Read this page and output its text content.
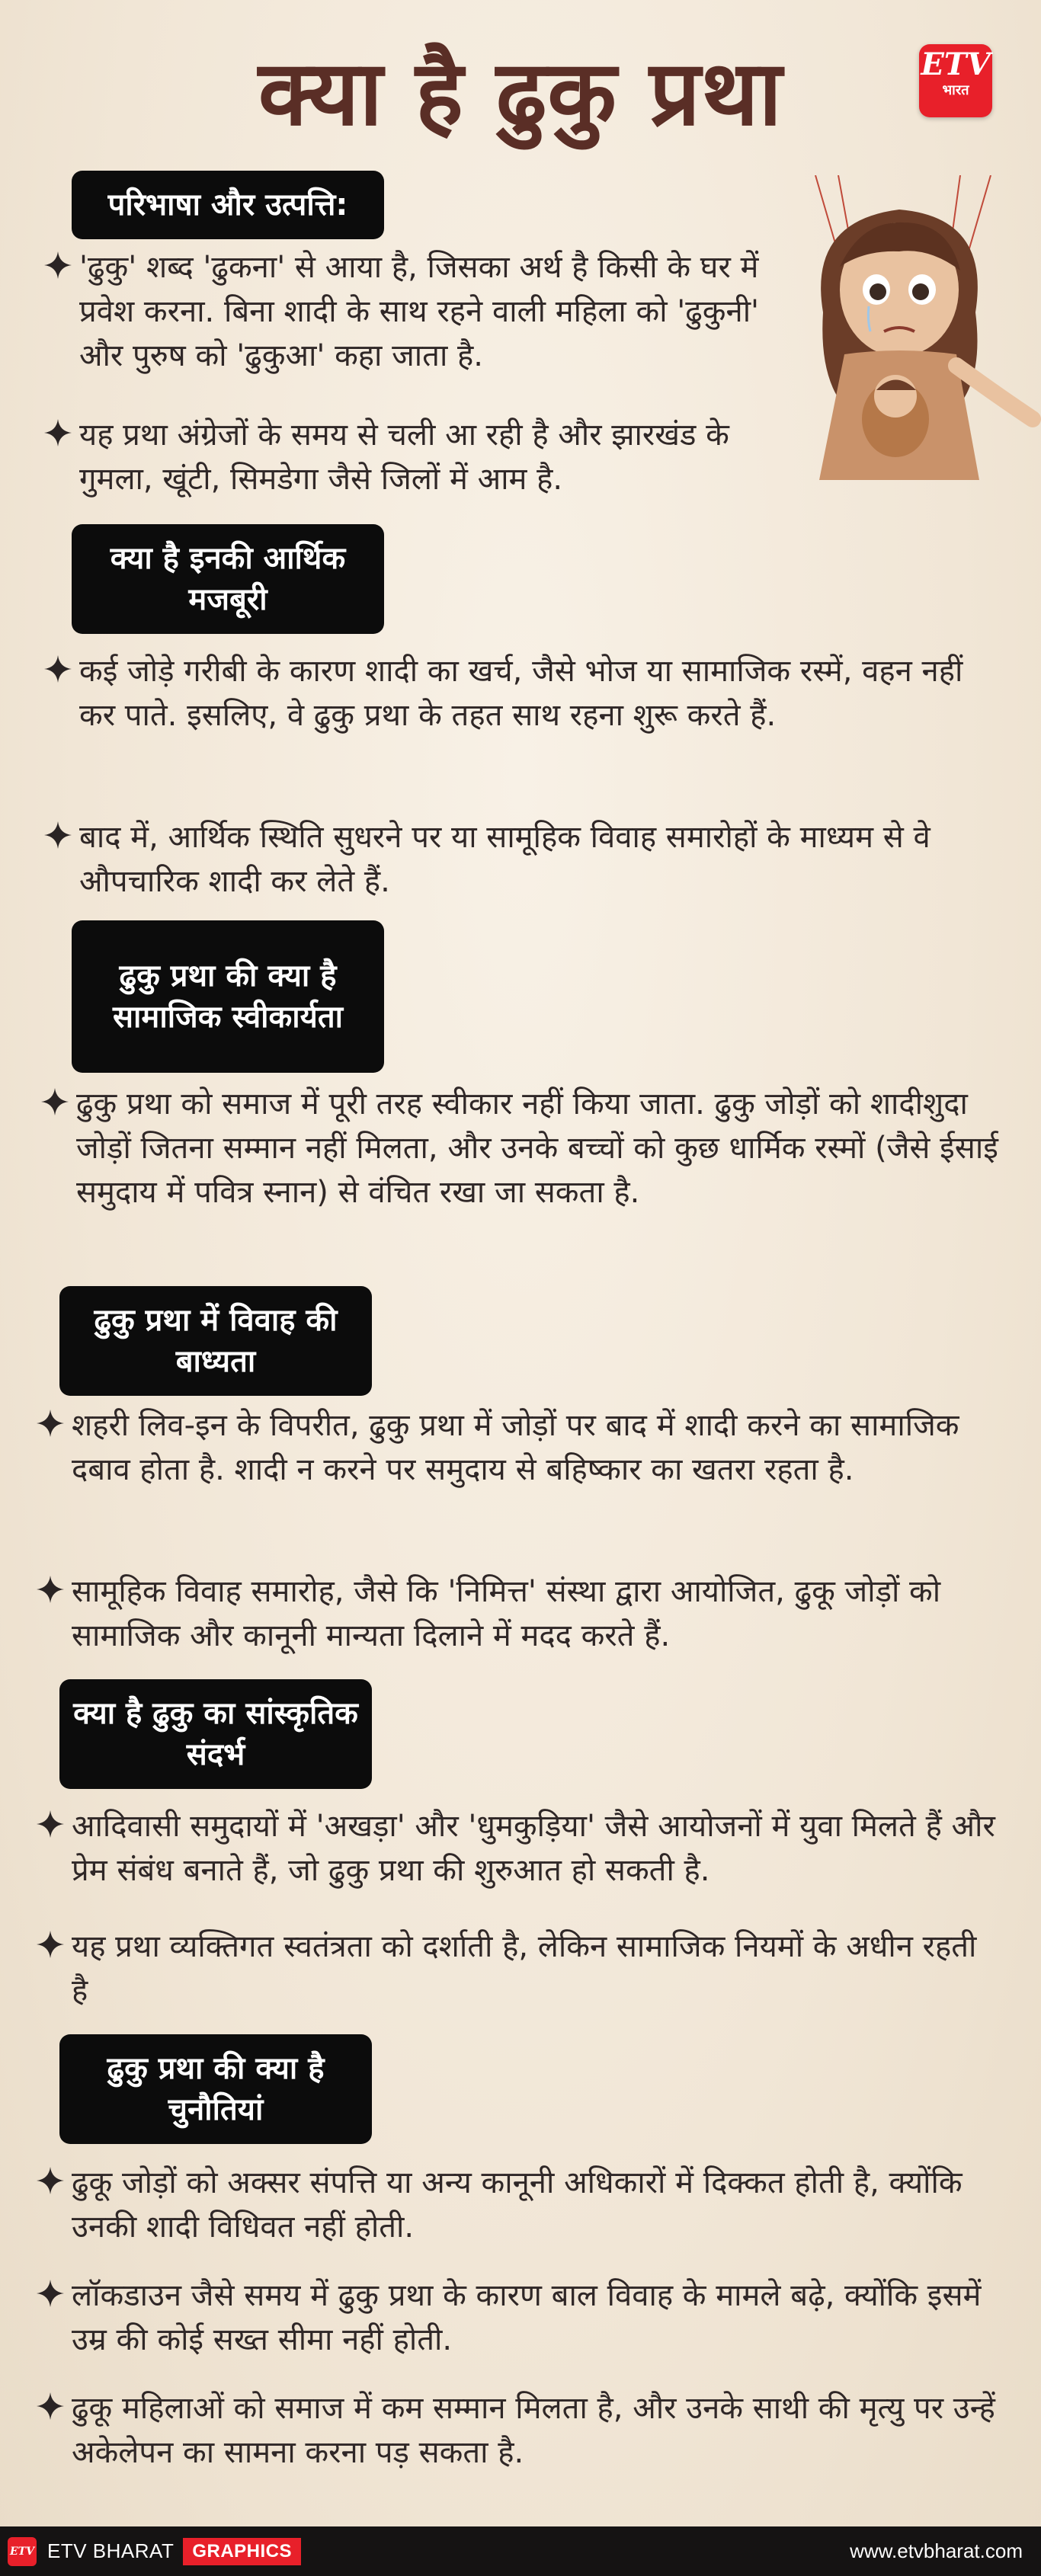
क्या है ढुकु प्रथा	ETV
भारत
परिभाषा और उत्पत्ति:
'ढुकु' शब्द 'ढुकना' से आया है, जिसका अर्थ है किसी के घर में प्रवेश करना. बिना शादी के साथ रहने वाली महिला को 'ढुकुनी' और पुरुष को 'ढुकुआ' कहा जाता है.
यह प्रथा अंग्रेजों के समय से चली आ रही है और झारखंड के गुमला, खूंटी, सिमडेगा जैसे जिलों में आम है.
क्या है इनकी आर्थिक मजबूरी
कई जोड़े गरीबी के कारण शादी का खर्च, जैसे भोज या सामाजिक रस्में, वहन नहीं कर पाते. इसलिए, वे ढुकु प्रथा के तहत साथ रहना शुरू करते हैं.
बाद में, आर्थिक स्थिति सुधरने पर या सामूहिक विवाह समारोहों के माध्यम से वे औपचारिक शादी कर लेते हैं.
ढुकु प्रथा की क्या है सामाजिक स्वीकार्यता
ढुकु प्रथा को समाज में पूरी तरह स्वीकार नहीं किया जाता. ढुकु जोड़ों को शादीशुदा जोड़ों जितना सम्मान नहीं मिलता, और उनके बच्चों को कुछ धार्मिक रस्मों (जैसे ईसाई समुदाय में पवित्र स्नान) से वंचित रखा जा सकता है.
ढुकु प्रथा में विवाह की बाध्यता
शहरी लिव-इन के विपरीत, ढुकु प्रथा में जोड़ों पर बाद में शादी करने का सामाजिक दबाव होता है. शादी न करने पर समुदाय से बहिष्कार का खतरा रहता है.
सामूहिक विवाह समारोह, जैसे कि 'निमित्त' संस्था द्वारा आयोजित, ढुकू जोड़ों को सामाजिक और कानूनी मान्यता दिलाने में मदद करते हैं.
क्या है ढुकु का सांस्कृतिक संदर्भ
आदिवासी समुदायों में 'अखड़ा' और 'धुमकुड़िया' जैसे आयोजनों में युवा मिलते हैं और प्रेम संबंध बनाते हैं, जो ढुकु प्रथा की शुरुआत हो सकती है.
यह प्रथा व्यक्तिगत स्वतंत्रता को दर्शाती है, लेकिन सामाजिक नियमों के अधीन रहती है
ढुकु प्रथा की क्या है चुनौतियां
ढुकू जोड़ों को अक्सर संपत्ति या अन्य कानूनी अधिकारों में दिक्कत होती है, क्योंकि उनकी शादी विधिवत नहीं होती.
लॉकडाउन जैसे समय में ढुकु प्रथा के कारण बाल विवाह के मामले बढ़े, क्योंकि इसमें उम्र की कोई सख्त सीमा नहीं होती.
ढुकू महिलाओं को समाज में कम सम्मान मिलता है, और उनके साथी की मृत्यु पर उन्हें अकेलेपन का सामना करना पड़ सकता है.
ETV ETV BHARAT	GRAPHICS	www.etvbharat.com
